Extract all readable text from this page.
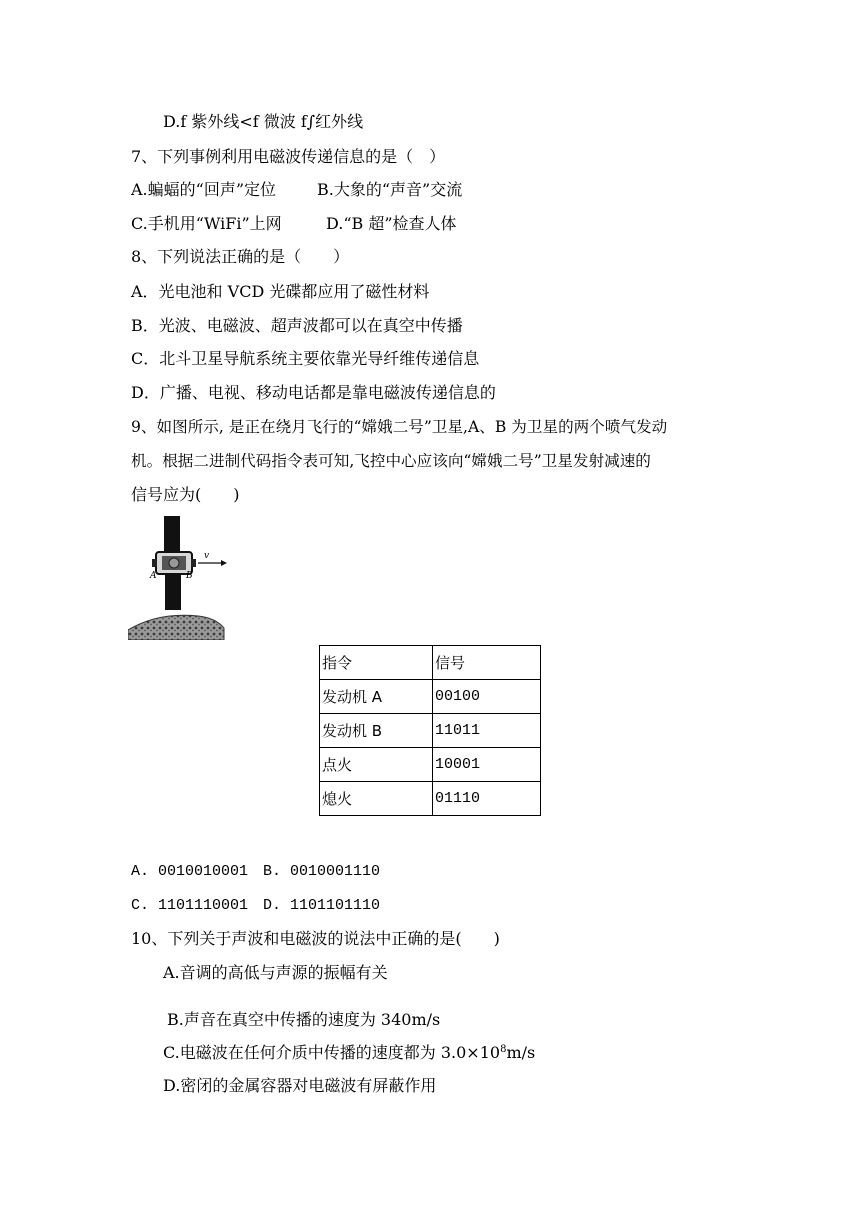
D.f 紫外线<f 微波 f∫红外线
7、下列事例利用电磁波传递信息的是（　）
A.蝙蝠的“回声”定位	B.大象的“声音”交流
C.手机用“WiFi”上网	D.“B 超”检查人体
8、下列说法正确的是（　　）
A．光电池和 VCD 光碟都应用了磁性材料
B．光波、电磁波、超声波都可以在真空中传播
C．北斗卫星导航系统主要依靠光导纤维传递信息
D．广播、电视、移动电话都是靠电磁波传递信息的
9、如图所示, 是正在绕月飞行的“嫦娥二号”卫星,A、B 为卫星的两个喷气发动
机。根据二进制代码指令表可知,飞控中心应该向“嫦娥二号”卫星发射减速的
信号应为(　　)
v
A	B
指令	信号
发动机 A	00100
发动机 B	11011
点火	10001
熄火	01110
A. 0010010001　B. 0010001110
C. 1101110001　D. 1101101110
10、下列关于声波和电磁波的说法中正确的是(　　)
A.音调的高低与声源的振幅有关
B.声音在真空中传播的速度为 340m/s
C.电磁波在任何介质中传播的速度都为 $3.0\times 10^8m/s$
D.密闭的金属容器对电磁波有屏蔽作用
